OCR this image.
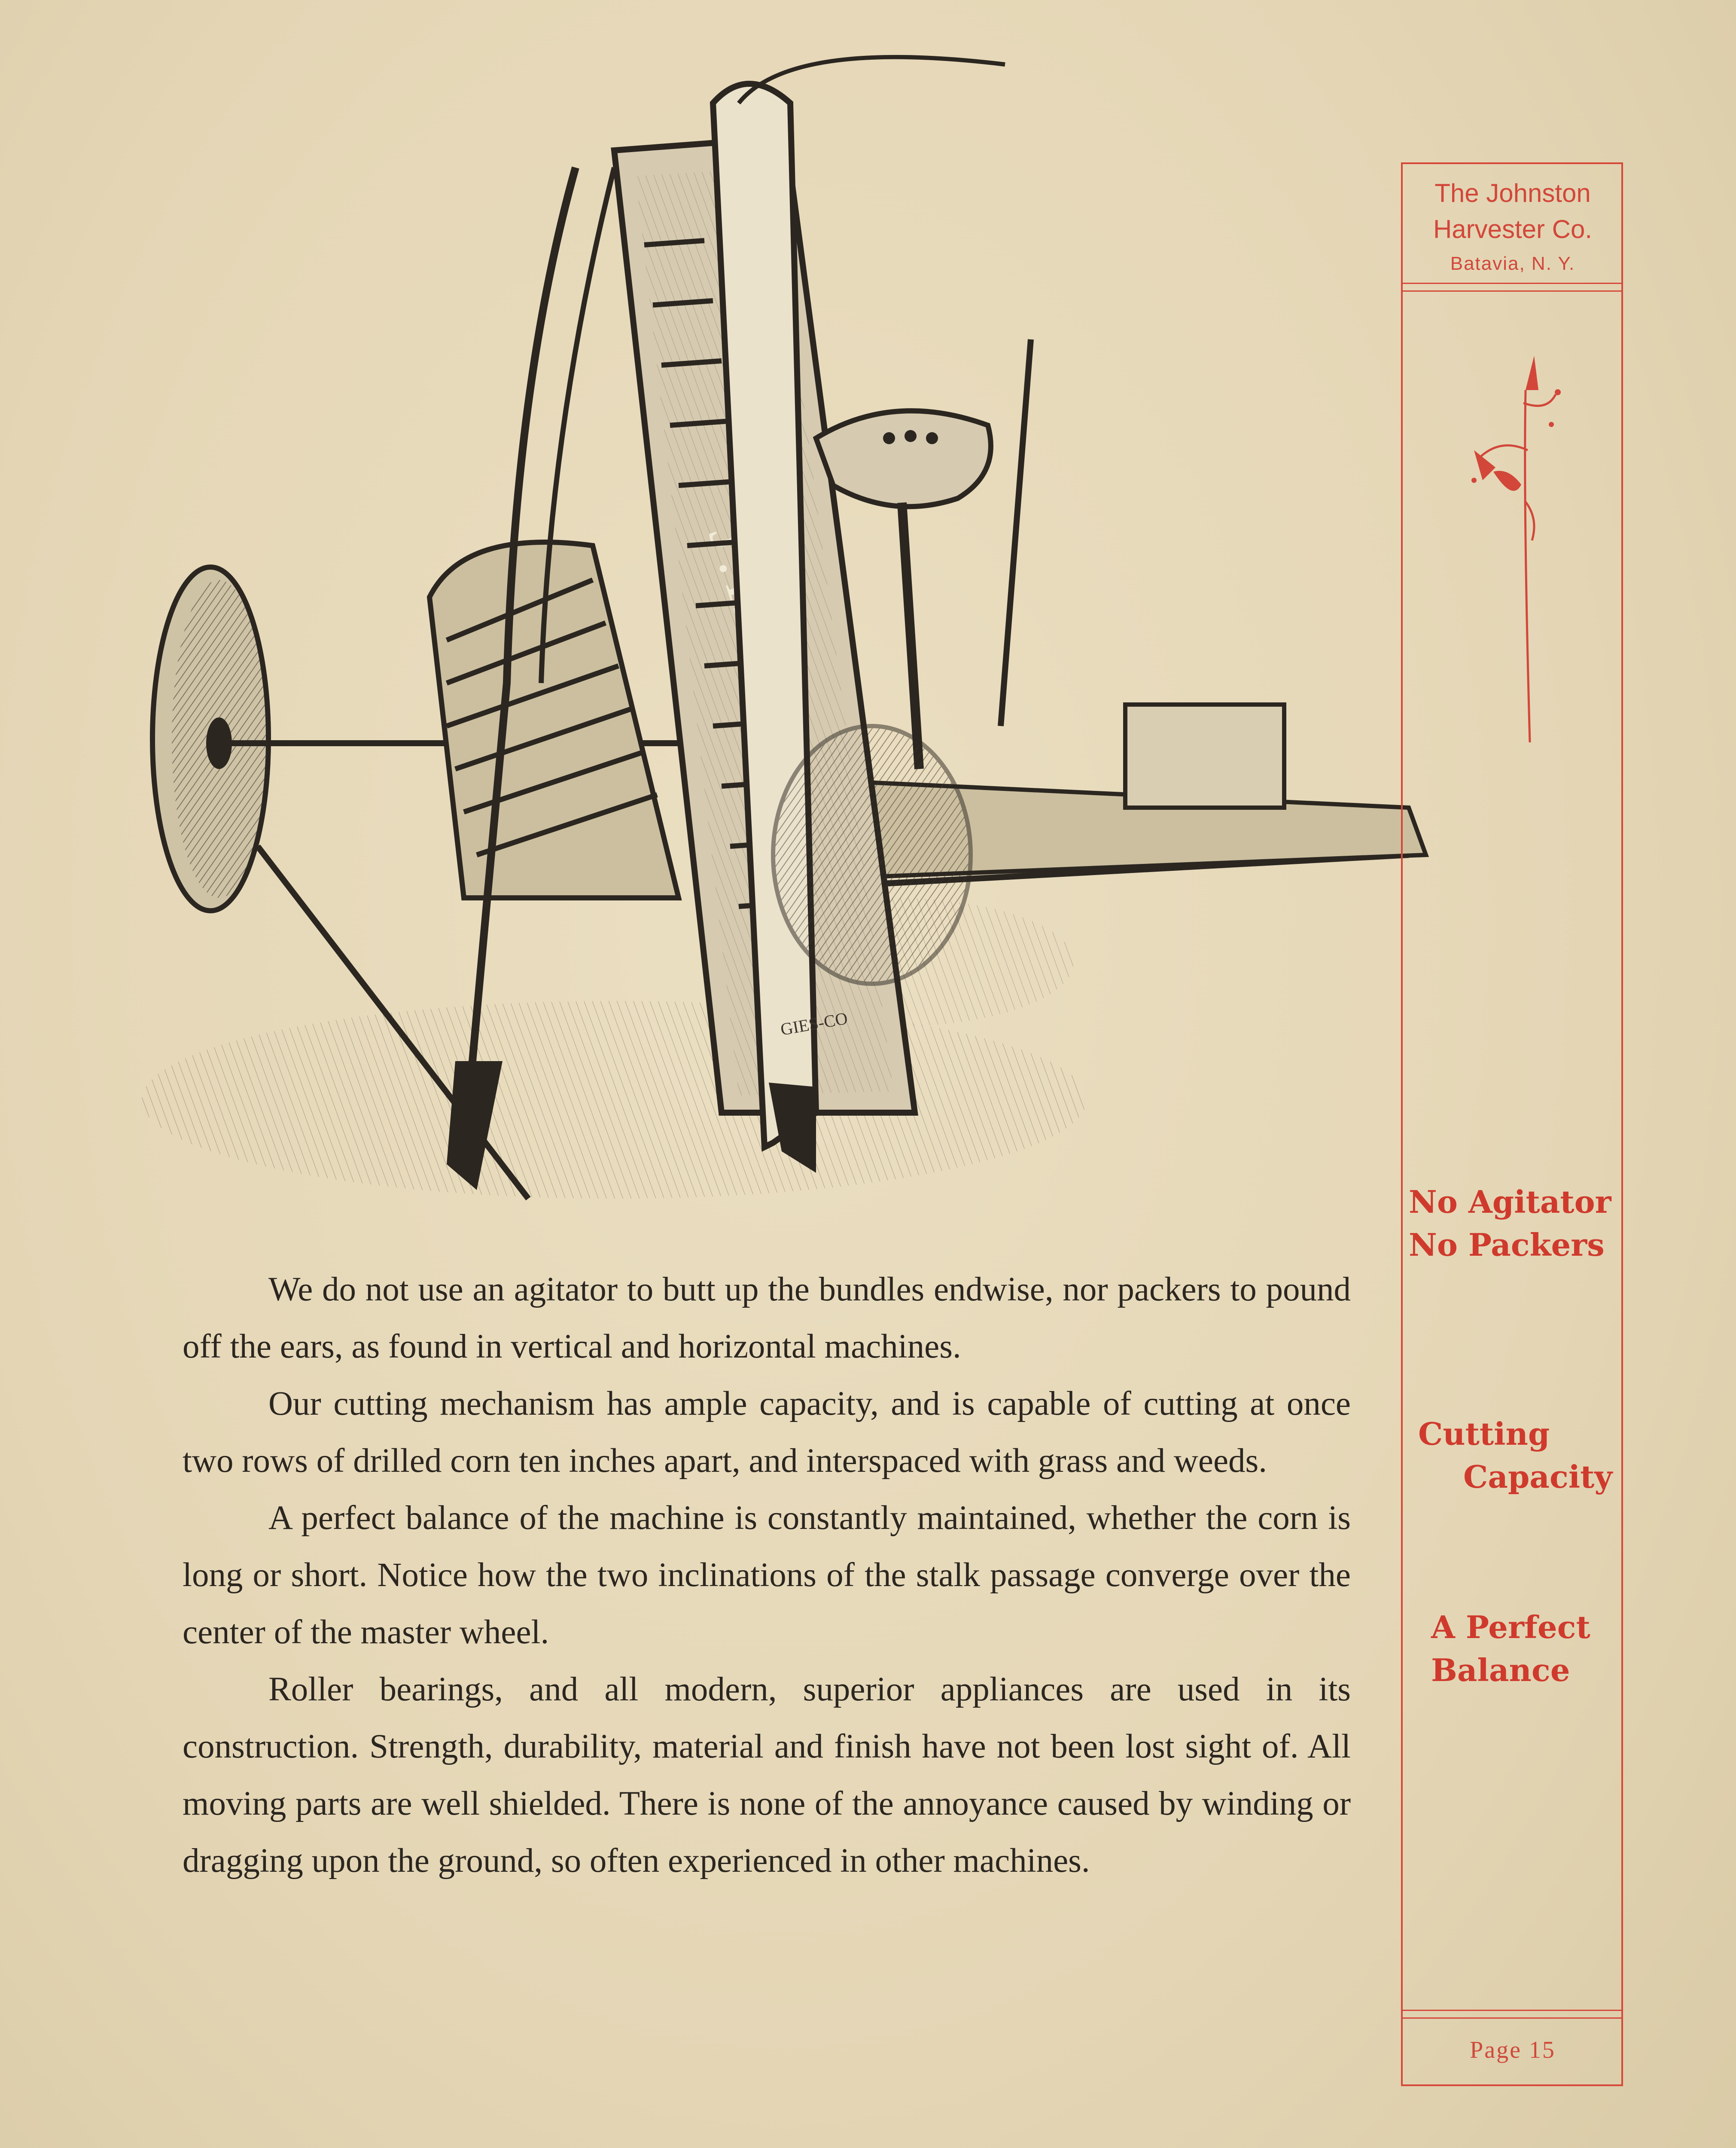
GIES-CO

We do not use an agitator to butt up the bundles endwise, nor packers to pound off the ears, as found in vertical and horizontal machines.

Our cutting mechanism has ample capacity, and is capable of cutting at once two rows of drilled corn ten inches apart, and interspaced with grass and weeds.

A perfect balance of the machine is constantly maintained, whether the corn is long or short. Notice how the two inclinations of the stalk passage converge over the center of the master wheel.

Roller bearings, and all modern, superior appliances are used in its construction. Strength, durability, material and finish have not been lost sight of. All moving parts are well shielded. There is none of the annoyance caused by winding or dragging upon the ground, so often experienced in other machines.

The Johnston
Harvester Co.
Batavia, N. Y.
No Agitator
No Packers
Cutting
Capacity
A Perfect
Balance
Page 15
